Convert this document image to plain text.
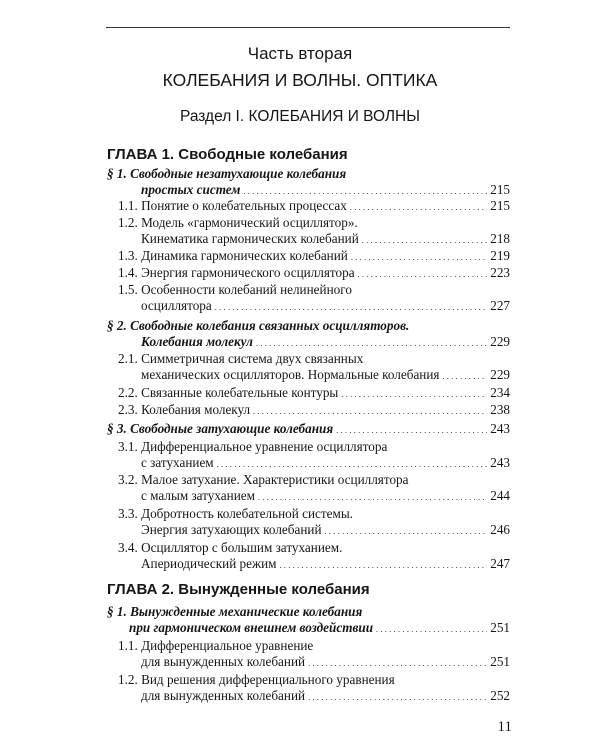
Часть вторая
КОЛЕБАНИЯ И ВОЛНЫ. ОПТИКА
Раздел I. КОЛЕБАНИЯ И ВОЛНЫ
ГЛАВА 1. Свободные колебания
§ 1. Свободные незатухающие колебания
простых систем . . .	215
1.1. Понятие о колебательных процессах . . .	215
1.2. Модель «гармонический осциллятор».
Кинематика гармонических колебаний . . .	218
1.3. Динамика гармонических колебаний . . .	219
1.4. Энергия гармонического осциллятора . . .	223
1.5. Особенности колебаний нелинейного
осциллятора . . .	227
§ 2. Свободные колебания связанных осцилляторов.
Колебания молекул . . .	229
2.1. Симметричная система двух связанных
механических осцилляторов. Нормальные колебания . . .	229
2.2. Связанные колебательные контуры . . .	234
2.3. Колебания молекул . . .	238
§ 3. Свободные затухающие колебания . . .	243
3.1. Дифференциальное уравнение осциллятора
с затуханием . . .	243
3.2. Малое затухание. Характеристики осциллятора
с малым затуханием . . .	244
3.3. Добротность колебательной системы.
Энергия затухающих колебаний . . .	246
3.4. Осциллятор с большим затуханием.
Апериодический режим . . .	247
ГЛАВА 2. Вынужденные колебания
§ 1. Вынужденные механические колебания
при гармоническом внешнем воздействии . . .	251
1.1. Дифференциальное уравнение
для вынужденных колебаний . . .	251
1.2. Вид решения дифференциального уравнения
для вынужденных колебаний . . .	252
11
